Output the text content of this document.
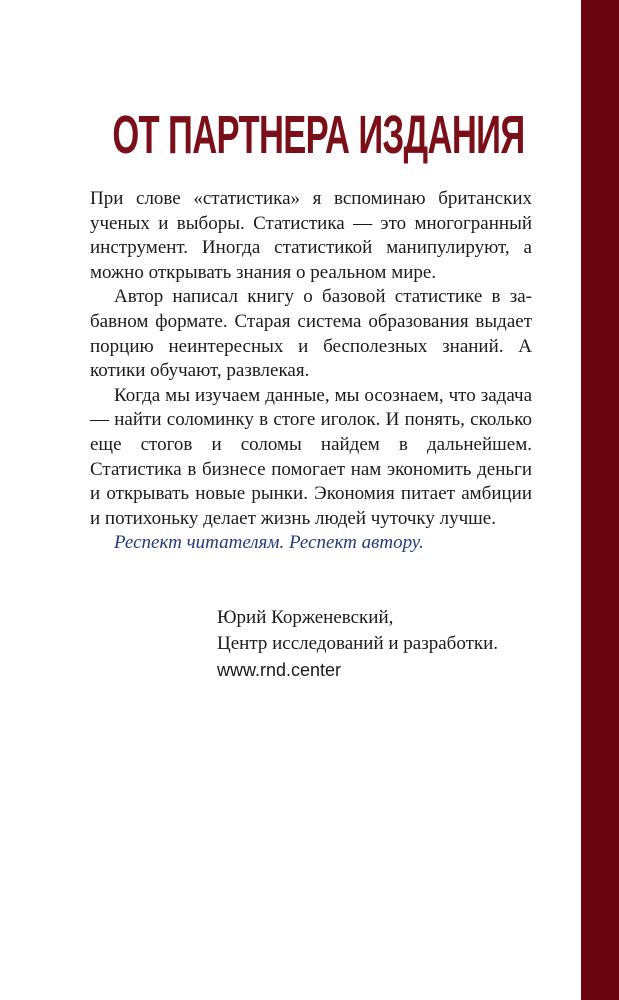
ОТ ПАРТНЕРА ИЗДАНИЯ

При слове «статистика» я вспоминаю британских ученых и выборы. Статистика — это многогранный инструмент. Иногда статистикой манипулируют, а можно открывать знания о реальном мире.

Автор написал книгу о базовой статистике в забавном формате. Старая система образования выдает порцию неинтересных и бесполезных знаний. А котики обучают, развлекая.

Когда мы изучаем данные, мы осознаем, что задача — найти соломинку в стоге иголок. И понять, сколько еще стогов и соломы найдем в дальнейшем. Статистика в бизнесе помогает нам экономить деньги и открывать новые рынки. Экономия питает амбиции и потихоньку делает жизнь людей чуточку лучше.

Респект читателям. Респект автору.

Юрий Корженевский,
Центр исследований и разработки.
www.rnd.center
